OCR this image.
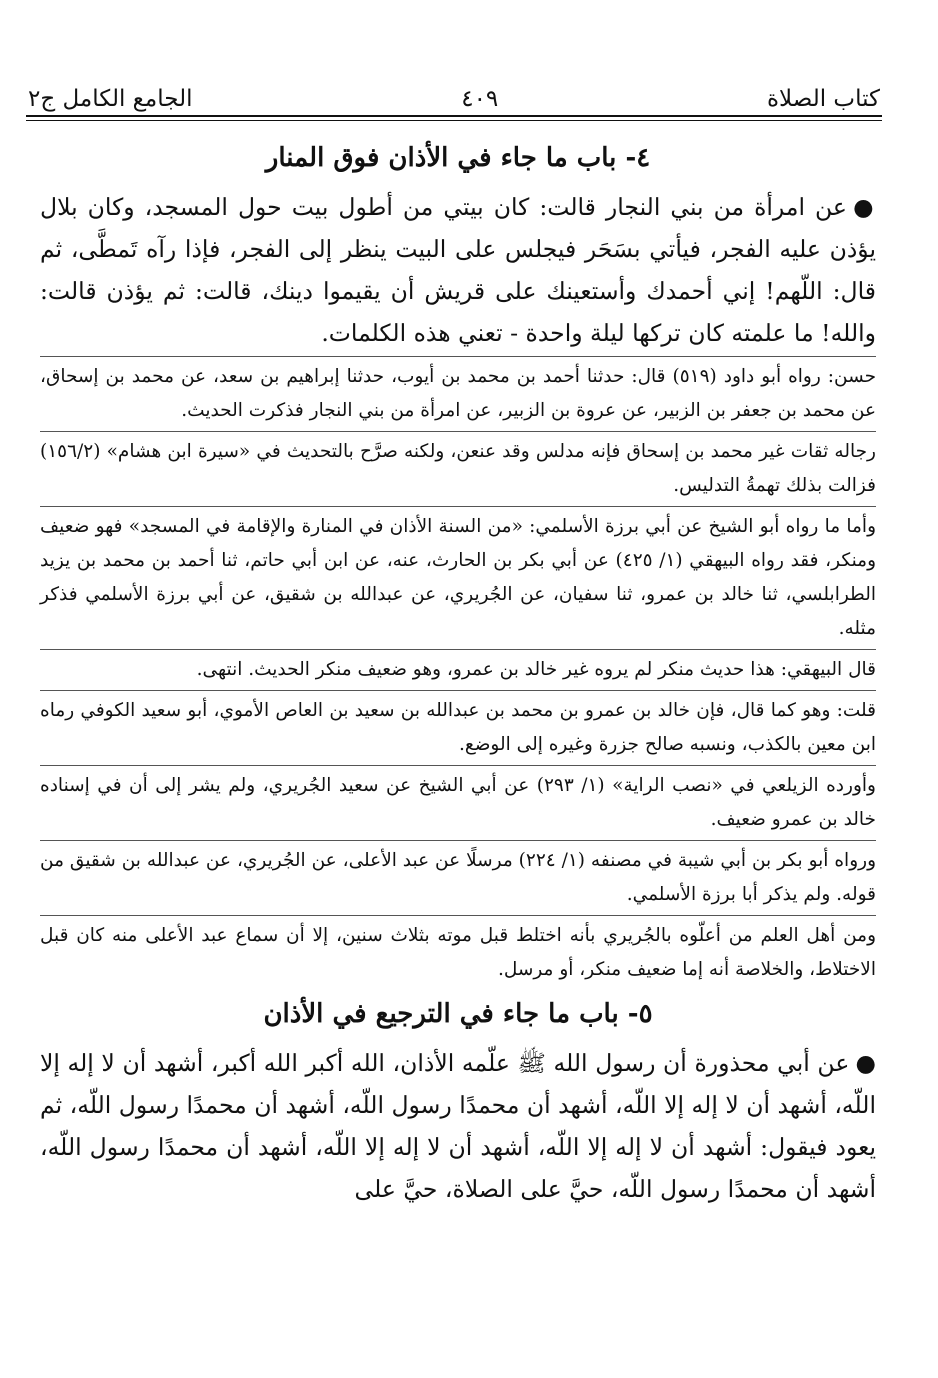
الجامع الكامل ج٢	٤٠٩	كتاب الصلاة
٤- باب ما جاء في الأذان فوق المنار

●عن امرأة من بني النجار قالت: كان بيتي من أطول بيت حول المسجد، وكان بلال يؤذن عليه الفجر، فيأتي بسَحَر فيجلس على البيت ينظر إلى الفجر، فإذا رآه تَمطَّى، ثم قال: اللّهم! إني أحمدك وأستعينك على قريش أن يقيموا دينك، قالت: ثم يؤذن قالت: والله! ما علمته كان تركها ليلة واحدة - تعني هذه الكلمات.

حسن: رواه أبو داود (٥١٩) قال: حدثنا أحمد بن محمد بن أيوب، حدثنا إبراهيم بن سعد، عن محمد بن إسحاق، عن محمد بن جعفر بن الزبير، عن عروة بن الزبير، عن امرأة من بني النجار فذكرت الحديث.

رجاله ثقات غير محمد بن إسحاق فإنه مدلس وقد عنعن، ولكنه صرَّح بالتحديث في «سيرة ابن هشام» (١٥٦/٢) فزالت بذلك تهمةُ التدليس.

وأما ما رواه أبو الشيخ عن أبي برزة الأسلمي: «من السنة الأذان في المنارة والإقامة في المسجد» فهو ضعيف ومنكر، فقد رواه البيهقي (١/ ٤٢٥) عن أبي بكر بن الحارث، عنه، عن ابن أبي حاتم، ثنا أحمد بن محمد بن يزيد الطرابلسي، ثنا خالد بن عمرو، ثنا سفيان، عن الجُريري، عن عبدالله بن شقيق، عن أبي برزة الأسلمي فذكر مثله.

قال البيهقي: هذا حديث منكر لم يروه غير خالد بن عمرو، وهو ضعيف منكر الحديث. انتهى.

قلت: وهو كما قال، فإن خالد بن عمرو بن محمد بن عبدالله بن سعيد بن العاص الأموي، أبو سعيد الكوفي رماه ابن معين بالكذب، ونسبه صالح جزرة وغيره إلى الوضع.

وأورده الزيلعي في «نصب الراية» (١/ ٢٩٣) عن أبي الشيخ عن سعيد الجُريري، ولم يشر إلى أن في إسناده خالد بن عمرو ضعيف.

ورواه أبو بكر بن أبي شيبة في مصنفه (١/ ٢٢٤) مرسلًا عن عبد الأعلى، عن الجُريري، عن عبدالله بن شقيق من قوله. ولم يذكر أبا برزة الأسلمي.

ومن أهل العلم من أعلّوه بالجُريري بأنه اختلط قبل موته بثلاث سنين، إلا أن سماع عبد الأعلى منه كان قبل الاختلاط، والخلاصة أنه إما ضعيف منكر، أو مرسل.

٥- باب ما جاء في الترجيع في الأذان

●عن أبي محذورة أن رسول الله ﷺ علّمه الأذان، الله أكبر الله أكبر، أشهد أن لا إله إلا اللّه، أشهد أن لا إله إلا اللّه، أشهد أن محمدًا رسول اللّه، أشهد أن محمدًا رسول اللّه، ثم يعود فيقول: أشهد أن لا إله إلا اللّه، أشهد أن لا إله إلا اللّه، أشهد أن محمدًا رسول اللّه، أشهد أن محمدًا رسول اللّه، حيَّ على الصلاة، حيَّ على
